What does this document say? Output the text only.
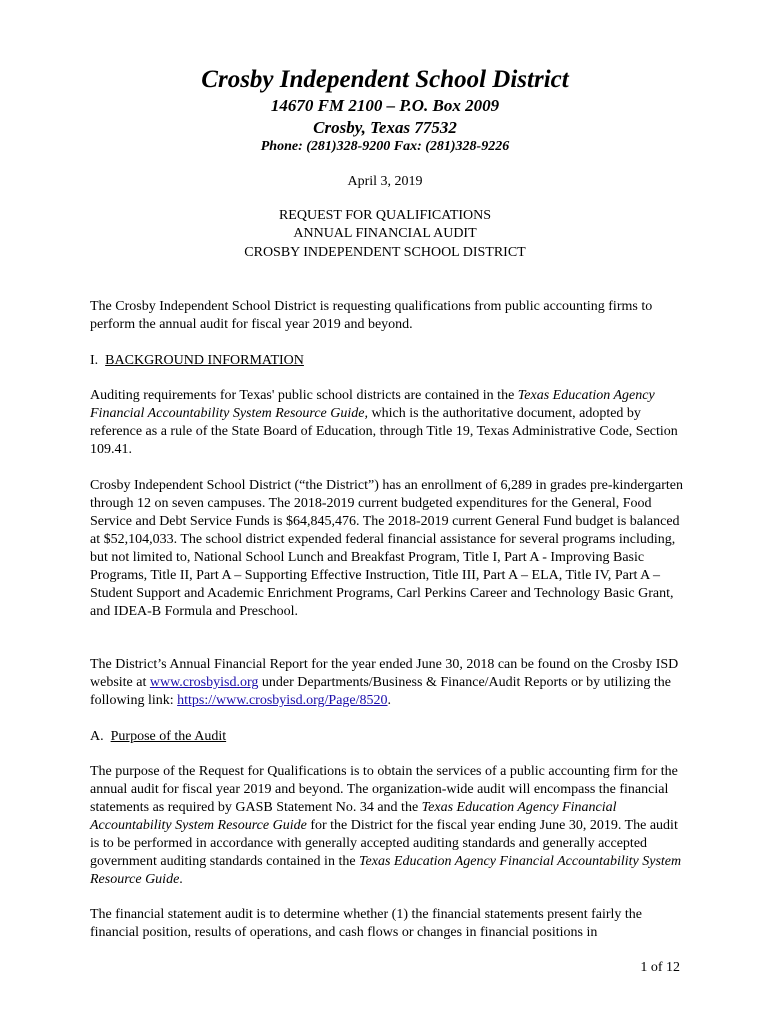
Crosby Independent School District

14670 FM 2100 – P.O. Box 2009

Crosby, Texas 77532

Phone: (281)328-9200 Fax: (281)328-9226

April 3, 2019
REQUEST FOR QUALIFICATIONS
ANNUAL FINANCIAL AUDIT
CROSBY INDEPENDENT SCHOOL DISTRICT

The Crosby Independent School District is requesting qualifications from public accounting firms to perform the annual audit for fiscal year 2019 and beyond.

I. BACKGROUND INFORMATION

Auditing requirements for Texas' public school districts are contained in the Texas Education Agency Financial Accountability System Resource Guide, which is the authoritative document, adopted by reference as a rule of the State Board of Education, through Title 19, Texas Administrative Code, Section 109.41.

Crosby Independent School District (“the District”) has an enrollment of 6,289 in grades pre-kindergarten through 12 on seven campuses. The 2018-2019 current budgeted expenditures for the General, Food Service and Debt Service Funds is $64,845,476. The 2018-2019 current General Fund budget is balanced at $52,104,033. The school district expended federal financial assistance for several programs including, but not limited to, National School Lunch and Breakfast Program, Title I, Part A - Improving Basic Programs, Title II, Part A – Supporting Effective Instruction, Title III, Part A – ELA, Title IV, Part A – Student Support and Academic Enrichment Programs, Carl Perkins Career and Technology Basic Grant, and IDEA-B Formula and Preschool.

The District’s Annual Financial Report for the year ended June 30, 2018 can be found on the Crosby ISD website at www.crosbyisd.org under Departments/Business & Finance/Audit Reports or by utilizing the following link: https://www.crosbyisd.org/Page/8520.

A. Purpose of the Audit

The purpose of the Request for Qualifications is to obtain the services of a public accounting firm for the annual audit for fiscal year 2019 and beyond. The organization-wide audit will encompass the financial statements as required by GASB Statement No. 34 and the Texas Education Agency Financial Accountability System Resource Guide for the District for the fiscal year ending June 30, 2019. The audit is to be performed in accordance with generally accepted auditing standards and generally accepted government auditing standards contained in the Texas Education Agency Financial Accountability System Resource Guide.

The financial statement audit is to determine whether (1) the financial statements present fairly the financial position, results of operations, and cash flows or changes in financial positions in

1 of 12
